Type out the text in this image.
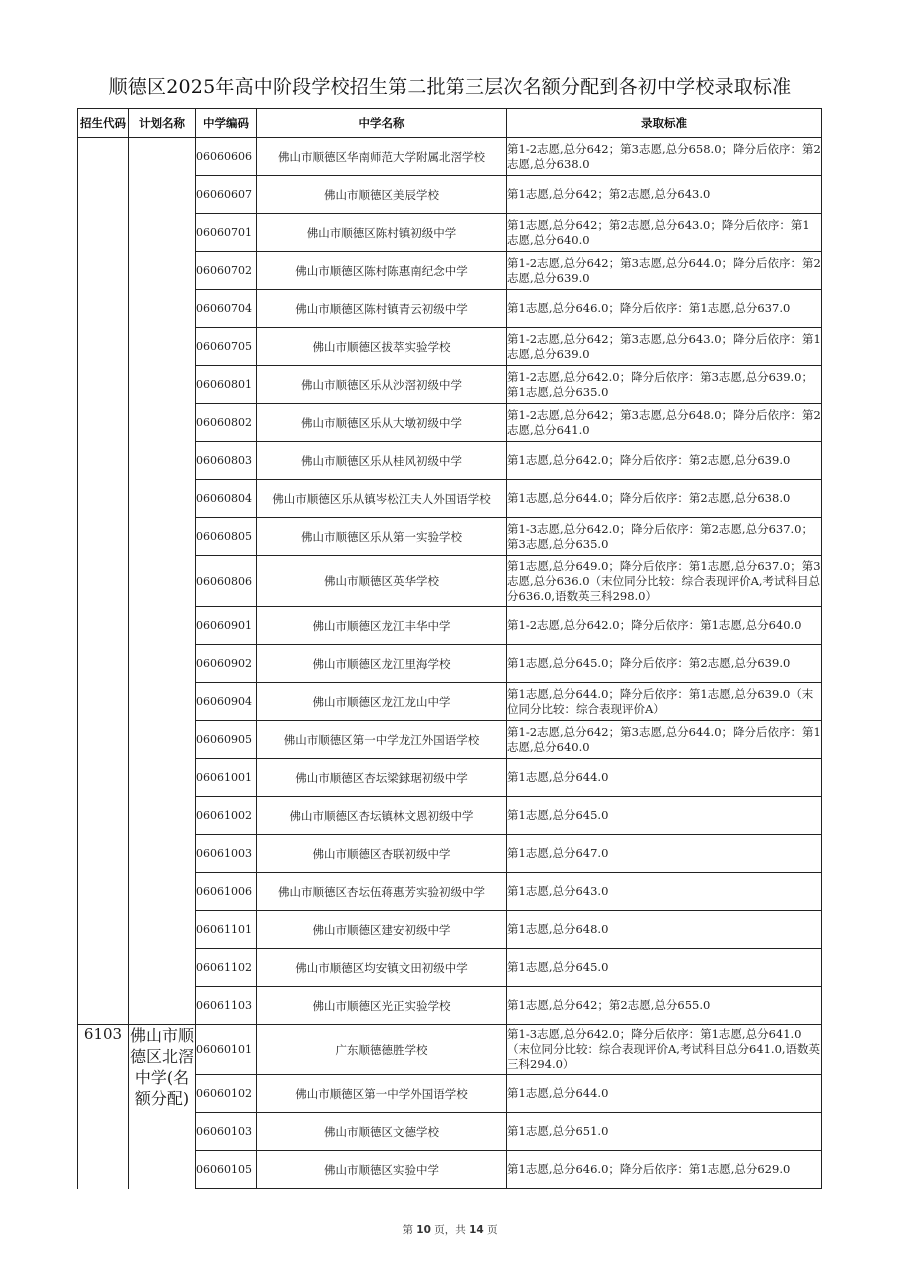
顺德区2025年高中阶段学校招生第二批第三层次名额分配到各初中学校录取标准
招生代码	计划名称	中学编码	中学名称	录取标准
		06060606	佛山市顺德区华南师范大学附属北滘学校	第1-2志愿,总分642；第3志愿,总分658.0；降分后依序：第2志愿,总分638.0
		06060607	佛山市顺德区美辰学校	第1志愿,总分642；第2志愿,总分643.0
		06060701	佛山市顺德区陈村镇初级中学	第1志愿,总分642；第2志愿,总分643.0；降分后依序：第1志愿,总分640.0
		06060702	佛山市顺德区陈村陈惠南纪念中学	第1-2志愿,总分642；第3志愿,总分644.0；降分后依序：第2志愿,总分639.0
		06060704	佛山市顺德区陈村镇青云初级中学	第1志愿,总分646.0；降分后依序：第1志愿,总分637.0
		06060705	佛山市顺德区拔萃实验学校	第1-2志愿,总分642；第3志愿,总分643.0；降分后依序：第1志愿,总分639.0
		06060801	佛山市顺德区乐从沙滘初级中学	第1-2志愿,总分642.0；降分后依序：第3志愿,总分639.0；第1志愿,总分635.0
		06060802	佛山市顺德区乐从大墩初级中学	第1-2志愿,总分642；第3志愿,总分648.0；降分后依序：第2志愿,总分641.0
		06060803	佛山市顺德区乐从桂风初级中学	第1志愿,总分642.0；降分后依序：第2志愿,总分639.0
		06060804	佛山市顺德区乐从镇岑松江夫人外国语学校	第1志愿,总分644.0；降分后依序：第2志愿,总分638.0
		06060805	佛山市顺德区乐从第一实验学校	第1-3志愿,总分642.0；降分后依序：第2志愿,总分637.0；第3志愿,总分635.0
		06060806	佛山市顺德区英华学校	第1志愿,总分649.0；降分后依序：第1志愿,总分637.0；第3志愿,总分636.0（末位同分比较：综合表现评价A,考试科目总分636.0,语数英三科298.0）
		06060901	佛山市顺德区龙江丰华中学	第1-2志愿,总分642.0；降分后依序：第1志愿,总分640.0
		06060902	佛山市顺德区龙江里海学校	第1志愿,总分645.0；降分后依序：第2志愿,总分639.0
		06060904	佛山市顺德区龙江龙山中学	第1志愿,总分644.0；降分后依序：第1志愿,总分639.0（末位同分比较：综合表现评价A）
		06060905	佛山市顺德区第一中学龙江外国语学校	第1-2志愿,总分642；第3志愿,总分644.0；降分后依序：第1志愿,总分640.0
		06061001	佛山市顺德区杏坛梁銶琚初级中学	第1志愿,总分644.0
		06061002	佛山市顺德区杏坛镇林文恩初级中学	第1志愿,总分645.0
		06061003	佛山市顺德区杏联初级中学	第1志愿,总分647.0
		06061006	佛山市顺德区杏坛伍蒋惠芳实验初级中学	第1志愿,总分643.0
		06061101	佛山市顺德区建安初级中学	第1志愿,总分648.0
		06061102	佛山市顺德区均安镇文田初级中学	第1志愿,总分645.0
		06061103	佛山市顺德区光正实验学校	第1志愿,总分642；第2志愿,总分655.0
6103	佛山市顺德区北滘中学(名额分配)	06060101	广东顺德德胜学校	第1-3志愿,总分642.0；降分后依序：第1志愿,总分641.0（末位同分比较：综合表现评价A,考试科目总分641.0,语数英三科294.0）
		06060102	佛山市顺德区第一中学外国语学校	第1志愿,总分644.0
		06060103	佛山市顺德区文德学校	第1志愿,总分651.0
		06060105	佛山市顺德区实验中学	第1志愿,总分646.0；降分后依序：第1志愿,总分629.0
第 10 页，共 14 页
